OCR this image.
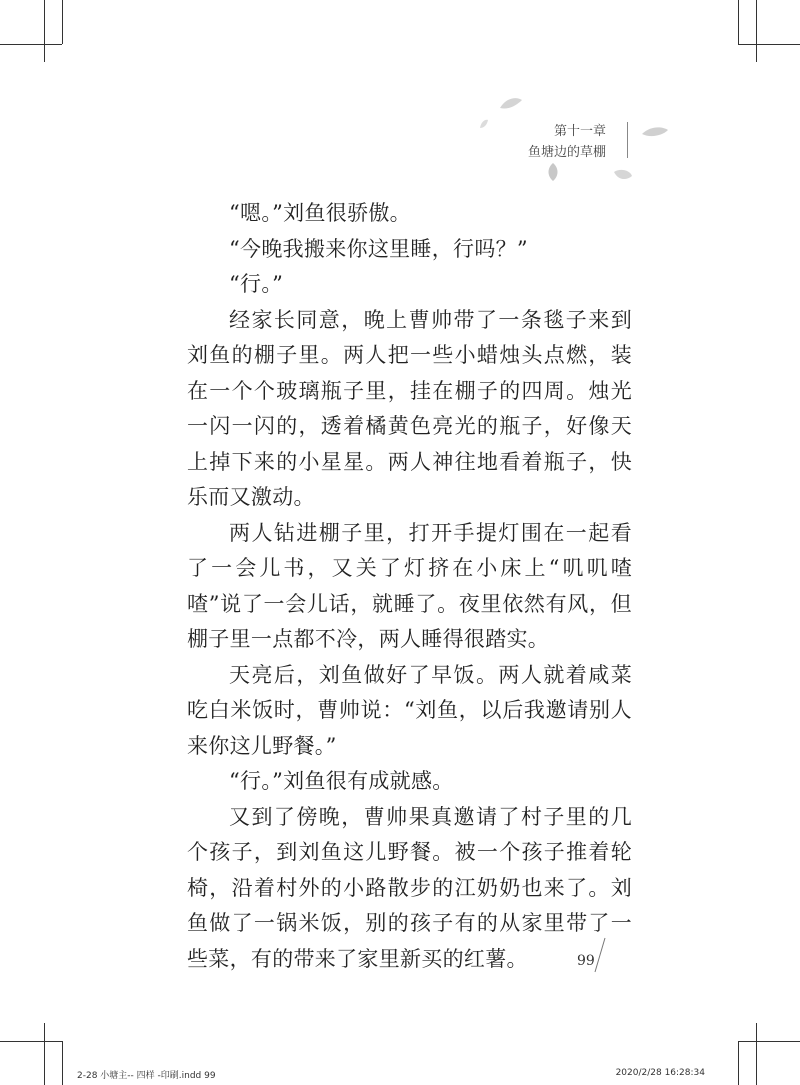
第十一章
鱼塘边的草棚

“嗯。”刘鱼很骄傲。

“今晚我搬来你这里睡，行吗？”

“行。”

经家长同意，晚上曹帅带了一条毯子来到刘鱼的棚子里。两人把一些小蜡烛头点燃，装在一个个玻璃瓶子里，挂在棚子的四周。烛光一闪一闪的，透着橘黄色亮光的瓶子，好像天上掉下来的小星星。两人神往地看着瓶子，快乐而又激动。

两人钻进棚子里，打开手提灯围在一起看了一会儿书，又关了灯挤在小床上“叽叽喳喳”说了一会儿话，就睡了。夜里依然有风，但棚子里一点都不冷，两人睡得很踏实。

天亮后，刘鱼做好了早饭。两人就着咸菜吃白米饭时，曹帅说：“刘鱼，以后我邀请别人来你这儿野餐。”

“行。”刘鱼很有成就感。

又到了傍晚，曹帅果真邀请了村子里的几个孩子，到刘鱼这儿野餐。被一个孩子推着轮椅，沿着村外的小路散步的江奶奶也来了。刘鱼做了一锅米饭，别的孩子有的从家里带了一些菜，有的带来了家里新买的红薯。	99
2-28 小塘主-- 四样 -印刷.indd 99	2020/2/28 16:28:34
